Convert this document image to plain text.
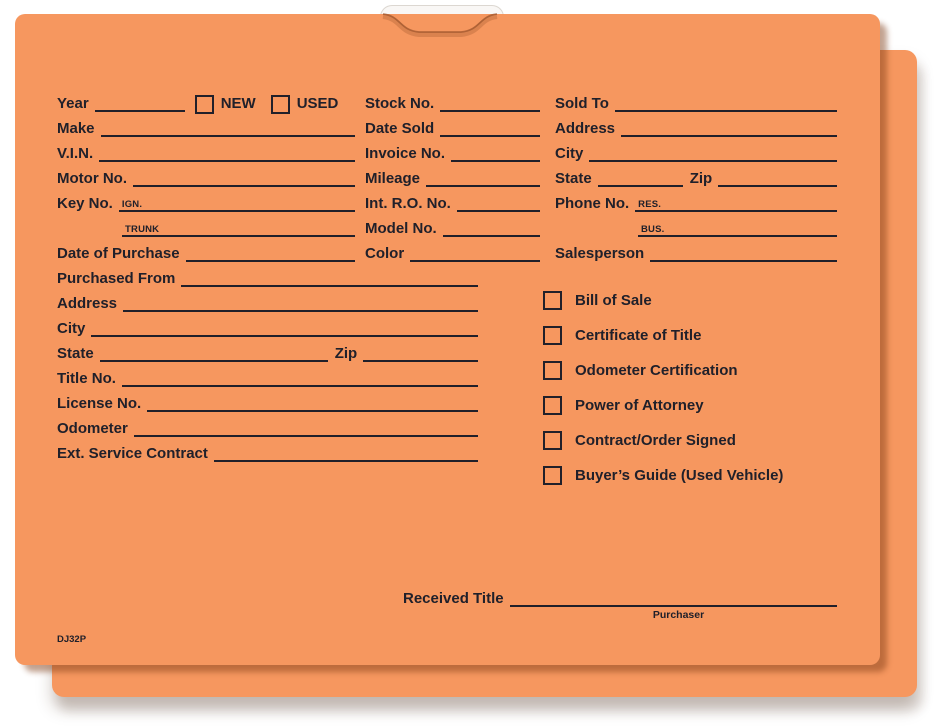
Year	NEW	USED
Make
V.I.N.
Motor No.
Key No. IGN.
TRUNK
Date of Purchase
Purchased From
Address
City
State	Zip
Title No.
License No.
Odometer
Ext. Service Contract
Stock No.
Date Sold
Invoice No.
Mileage
Int. R.O. No.
Model No.
Color
Sold To
Address
City
State	Zip
Phone No. RES.
BUS.
Salesperson
Bill of Sale
Certificate of Title
Odometer Certification
Power of Attorney
Contract/Order Signed
Buyer’s Guide (Used Vehicle)
Received Title
Purchaser
DJ32P
